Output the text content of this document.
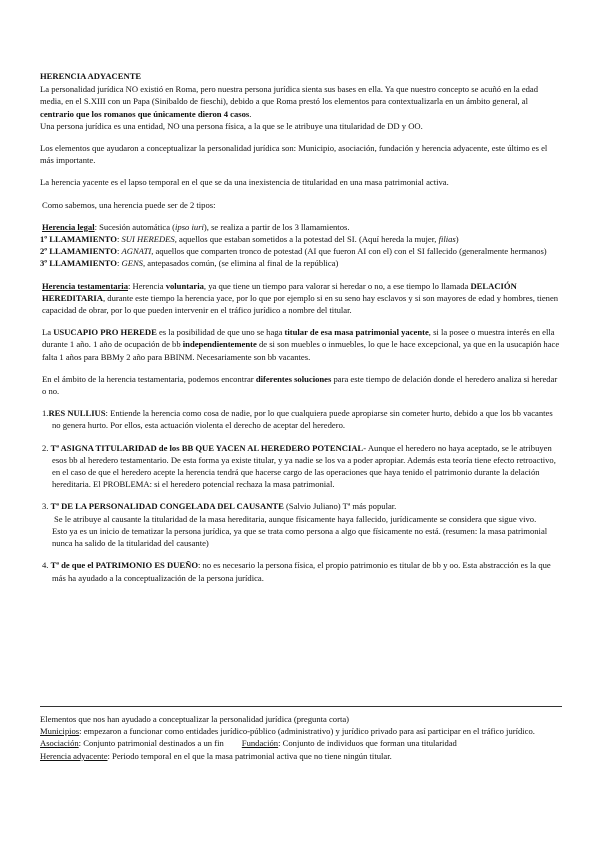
HERENCIA ADYACENTE

La personalidad jurídica NO existió en Roma, pero nuestra persona jurídica sienta sus bases en ella. Ya que nuestro concepto se acuñó en la edad media, en el S.XIII con un Papa (Sinibaldo de fieschi), debido a que Roma prestó los elementos para contextualizarla en un ámbito general, al centrario que los romanos que únicamente dieron 4 casos.

Una persona jurídica es una entidad, NO una persona física, a la que se le atribuye una titularidad de DD y OO.

Los elementos que ayudaron a conceptualizar la personalidad jurídica son: Municipio, asociación, fundación y herencia adyacente, este último es el más importante.

La herencia yacente es el lapso temporal en el que se da una inexistencia de titularidad en una masa patrimonial activa.

Como sabemos, una herencia puede ser de 2 tipos:

Herencia legal: Sucesión automática (ipso iuri), se realiza a partir de los 3 llamamientos.

1º LLAMAMIENTO: SUI HEREDES, aquellos que estaban sometidos a la potestad del SI. (Aquí hereda la mujer, filias)

2º LLAMAMIENTO: AGNATI, aquellos que comparten tronco de potestad (AI que fueron AI con el) con el SI fallecido (generalmente hermanos)

3º LLAMAMIENTO: GENS, antepasados común, (se elimina al final de la república)

Herencia testamentaria: Herencia voluntaria, ya que tiene un tiempo para valorar si heredar o no, a ese tiempo lo llamada DELACIÓN HEREDITARIA, durante este tiempo la herencia yace, por lo que por ejemplo si en su seno hay esclavos y si son mayores de edad y hombres, tienen capacidad de obrar, por lo que pueden intervenir en el tráfico jurídico a nombre del titular.

La USUCAPIO PRO HEREDE es la posibilidad de que uno se haga titular de esa masa patrimonial yacente, si la posee o muestra interés en ella durante 1 año. 1 año de ocupación de bb independientemente de si son muebles o inmuebles, lo que le hace excepcional, ya que en la usucapión hace falta 1 años para BBMy 2 año para BBINM. Necesariamente son bb vacantes.

En el ámbito de la herencia testamentaria, podemos encontrar diferentes soluciones para este tiempo de delación donde el heredero analiza si heredar o no.

1.RES NULLIUS: Entiende la herencia como cosa de nadie, por lo que cualquiera puede apropiarse sin cometer hurto, debido a que los bb vacantes no genera hurto. Por ellos, esta actuación violenta el derecho de aceptar del heredero.

2. Tª ASIGNA TITULARIDAD de los BB QUE YACEN AL HEREDERO POTENCIAL- Aunque el heredero no haya aceptado, se le atribuyen esos bb al heredero testamentario. De esta forma ya existe titular, y ya nadie se los va a poder apropiar. Además esta teoría tiene efecto retroactivo, en el caso de que el heredero acepte la herencia tendrá que hacerse cargo de las operaciones que haya tenido el patrimonio durante la delación hereditaria. El PROBLEMA: si el heredero potencial rechaza la masa patrimonial.

3. Tª DE LA PERSONALIDAD CONGELADA DEL CAUSANTE (Salvio Juliano) Tª más popular.

Se le atribuye al causante la titularidad de la masa hereditaria, aunque físicamente haya fallecido, jurídicamente se considera que sigue vivo.

Esto ya es un inicio de tematizar la persona jurídica, ya que se trata como persona a algo que físicamente no está. (resumen: la masa patrimonial nunca ha salido de la titularidad del causante)

4. Tª de que el PATRIMONIO ES DUEÑO: no es necesario la persona física, el propio patrimonio es titular de bb y oo. Esta abstracción es la que más ha ayudado a la conceptualización de la persona jurídica.

Elementos que nos han ayudado a conceptualizar la personalidad jurídica (pregunta corta)

Municipios: empezaron a funcionar como entidades jurídico-público (administrativo) y jurídico privado para así participar en el tráfico jurídico.

Asociación: Conjunto patrimonial destinados a un fin Fundación: Conjunto de individuos que forman una titularidad

Herencia adyacente: Periodo temporal en el que la masa patrimonial activa que no tiene ningún titular.
